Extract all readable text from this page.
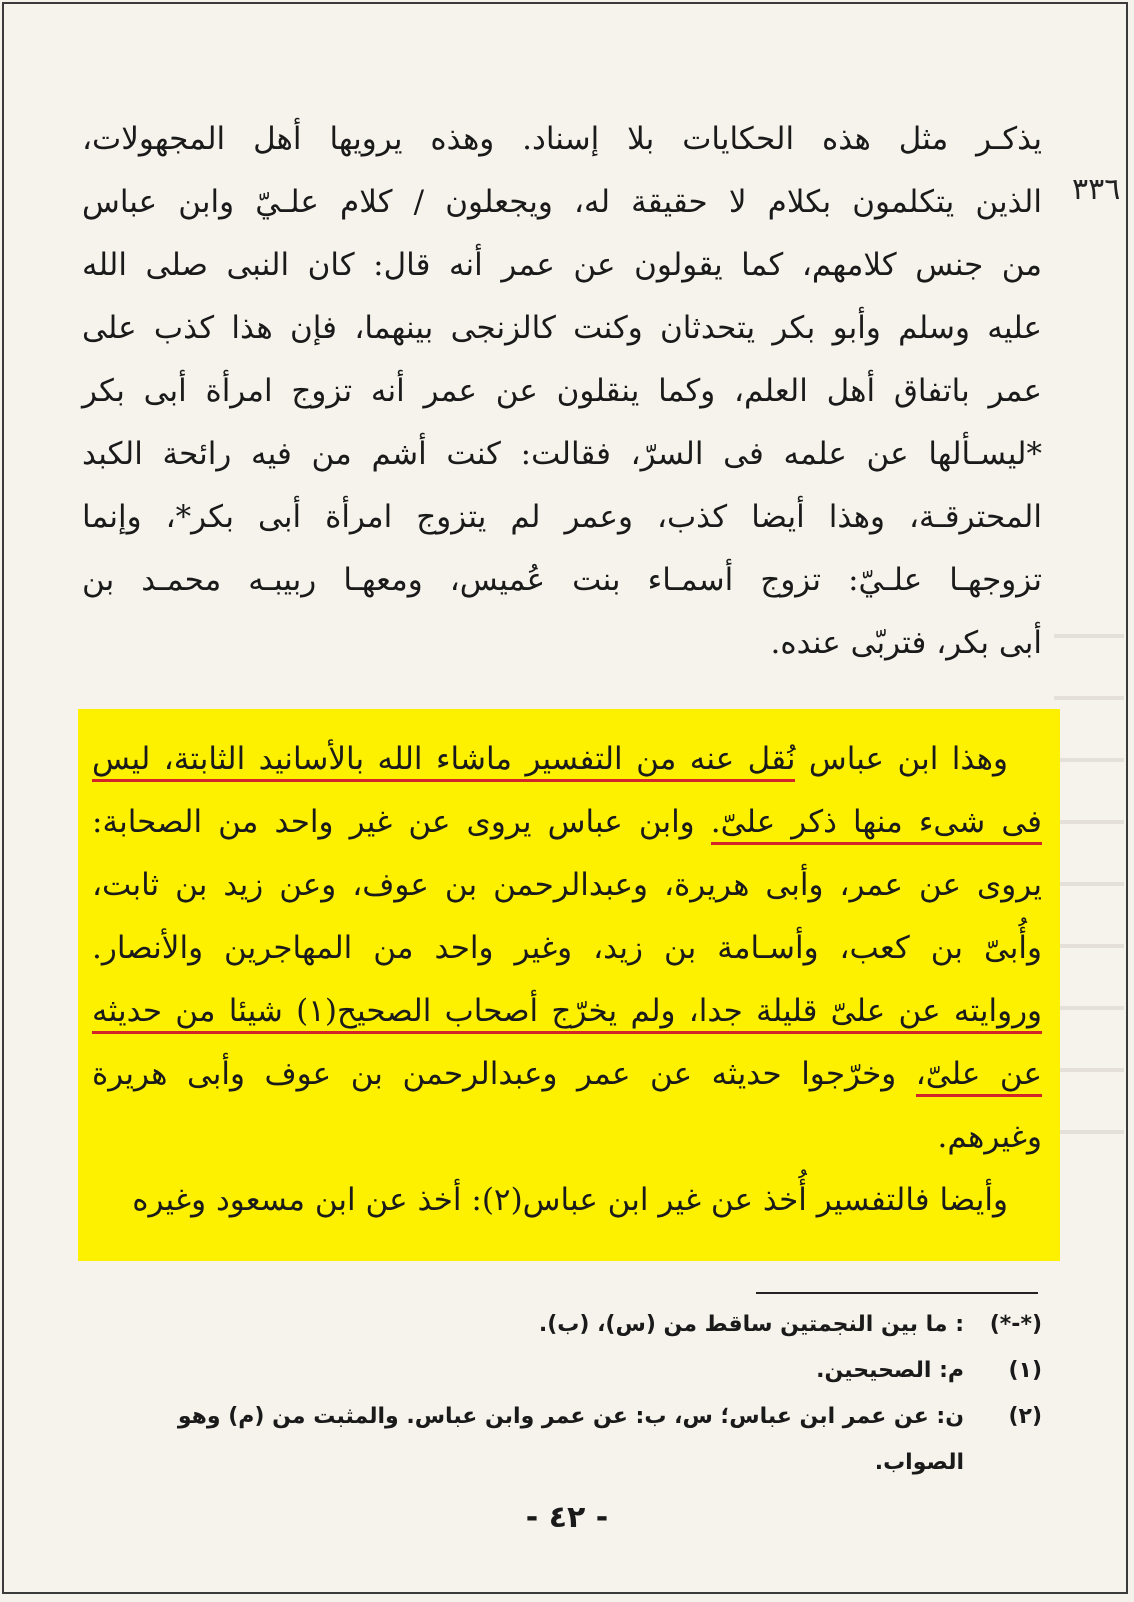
٣٣٦
يذكـر مثل هذه الحكايات بلا إسناد. وهذه يرويها أهل المجهولات،
الذين يتكلمون بكلام لا حقيقة له، ويجعلون / كلام علـيّ وابن عباس
من جنس كلامهم، كما يقولون عن عمر أنه قال: كان النبى صلى الله
عليه وسلم وأبو بكر يتحدثان وكنت كالزنجى بينهما، فإن هذا كذب على
عمر باتفاق أهل العلم، وكما ينقلون عن عمر أنه تزوج امرأة أبى بكر
*ليسـألها عن علمه فى السرّ، فقالت: كنت أشم من فيه رائحة الكبد
المحترقـة، وهذا أيضا كذب، وعمر لم يتزوج امرأة أبى بكر*، وإنما
تزوجهـا علـيّ: تزوج أسمـاء بنت عُميس، ومعهـا ربيبـه محمـد بن
أبى بكر، فتربّى عنده.
وهذا ابن عباس نُقل عنه من التفسير ماشاء الله بالأسانيد الثابتة، ليس
فى شىء منها ذكر علىّ. وابن عباس يروى عن غير واحد من الصحابة:
يروى عن عمر، وأبى هريرة، وعبدالرحمن بن عوف، وعن زيد بن ثابت،
وأُبىّ بن كعب، وأسـامة بن زيد، وغير واحد من المهاجرين والأنصار.
وروايته عن علىّ قليلة جدا، ولم يخرّج أصحاب الصحيح(١) شيئا من حديثه
عن علىّ، وخرّجوا حديثه عن عمر وعبدالرحمن بن عوف وأبى هريرة
وغيرهم.
وأيضا فالتفسير أُخذ عن غير ابن عباس(٢): أخذ عن ابن مسعود وغيره
(*-*)
: ما بين النجمتين ساقط من (س)، (ب).
(١)
م: الصحيحين.
(٢)
ن: عن عمر ابن عباس؛ س، ب: عن عمر وابن عباس. والمثبت من (م) وهو الصواب.
- ٤٢ -
